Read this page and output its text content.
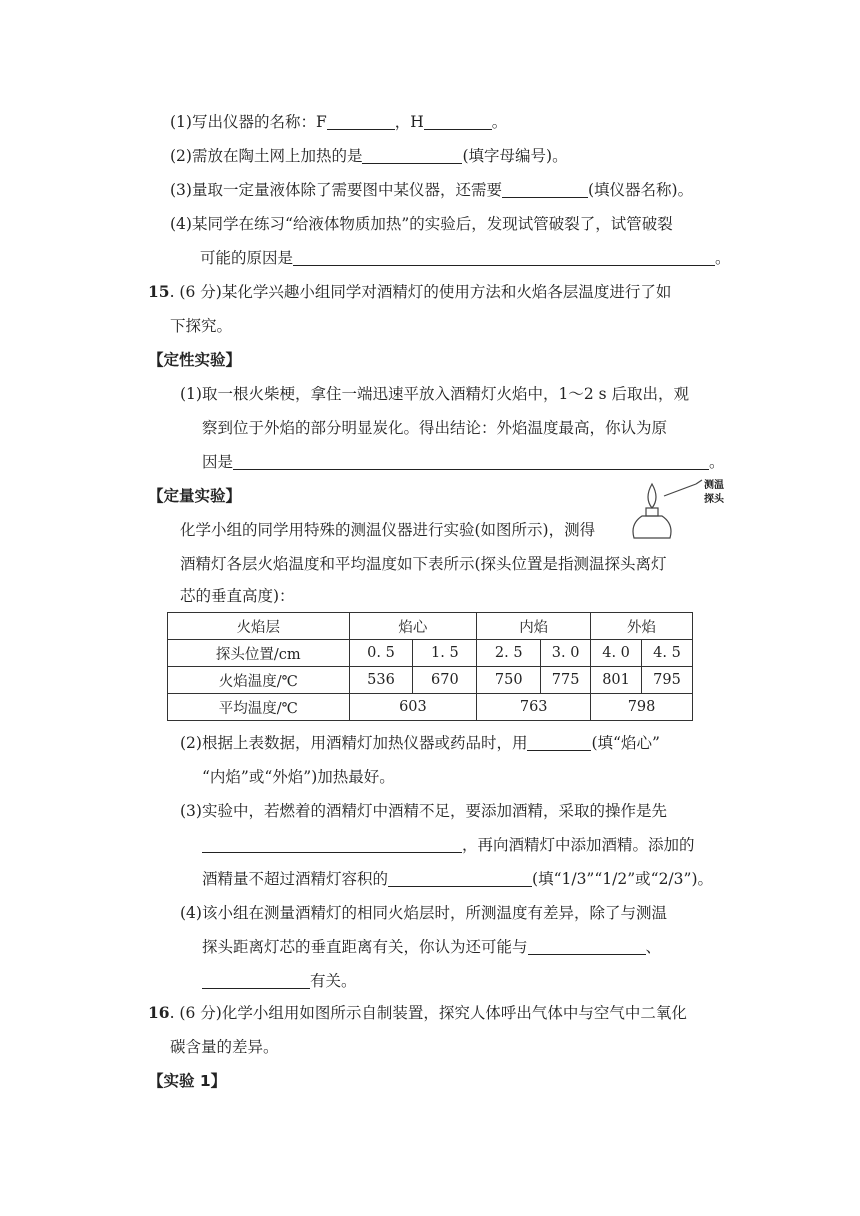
(1)写出仪器的名称：F	，H	。
(2)需放在陶土网上加热的是	(填字母编号)。
(3)量取一定量液体除了需要图中某仪器，还需要	(填仪器名称)。
(4)某同学在练习“给液体物质加热”的实验后，发现试管破裂了，试管破裂
可能的原因是	。
15. (6 分)某化学兴趣小组同学对酒精灯的使用方法和火焰各层温度进行了如
下探究。
【定性实验】
(1)取一根火柴梗，拿住一端迅速平放入酒精灯火焰中，1～2 s 后取出，观
察到位于外焰的部分明显炭化。得出结论：外焰温度最高，你认为原
因是	。
【定量实验】
化学小组的同学用特殊的测温仪器进行实验(如图所示)，测得
酒精灯各层火焰温度和平均温度如下表所示(探头位置是指测温探头离灯
芯的垂直高度)：
测温
探头
火焰层	焰心		内焰		外焰	
探头位置/cm	0. 5	1. 5	2. 5	3. 0	4. 0	4. 5
火焰温度/℃	536	670	750	775	801	795
平均温度/℃	603		763		798	
(2)根据上表数据，用酒精灯加热仪器或药品时，用	(填“焰心”
“内焰”或“外焰”)加热最好。
(3)实验中，若燃着的酒精灯中酒精不足，要添加酒精，采取的操作是先
，再向酒精灯中添加酒精。添加的
酒精量不超过酒精灯容积的	(填“1/3”“1/2”或“2/3”)。
(4)该小组在测量酒精灯的相同火焰层时，所测温度有差异，除了与测温
探头距离灯芯的垂直距离有关，你认为还可能与	、
有关。
16. (6 分)化学小组用如图所示自制装置，探究人体呼出气体中与空气中二氧化
碳含量的差异。
【实验 1】
